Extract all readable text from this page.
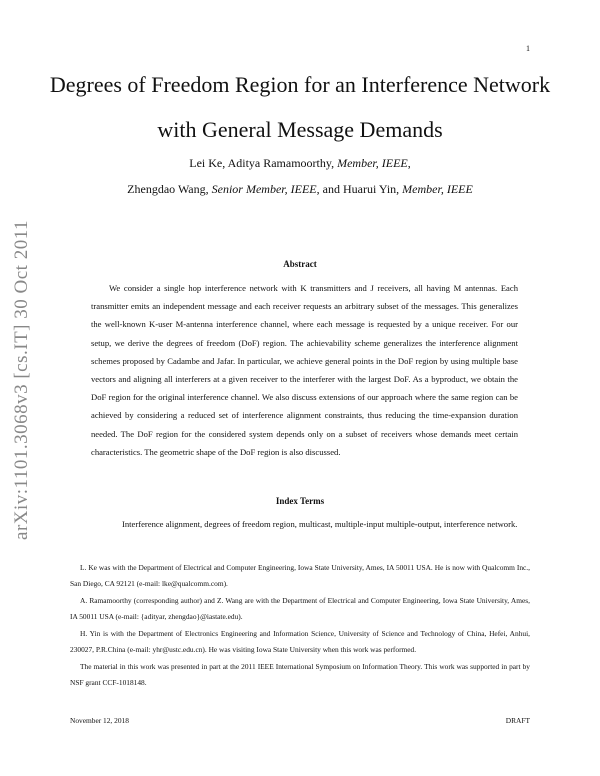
1
Degrees of Freedom Region for an Interference Network with General Message Demands
Lei Ke, Aditya Ramamoorthy, Member, IEEE,
Zhengdao Wang, Senior Member, IEEE, and Huarui Yin, Member, IEEE
arXiv:1101.3068v3 [cs.IT] 30 Oct 2011	Abstract
We consider a single hop interference network with K transmitters and J receivers, all having M antennas. Each transmitter emits an independent message and each receiver requests an arbitrary subset of the messages. This generalizes the well-known K-user M-antenna interference channel, where each message is requested by a unique receiver. For our setup, we derive the degrees of freedom (DoF) region. The achievability scheme generalizes the interference alignment schemes proposed by Cadambe and Jafar. In particular, we achieve general points in the DoF region by using multiple base vectors and aligning all interferers at a given receiver to the interferer with the largest DoF. As a byproduct, we obtain the DoF region for the original interference channel. We also discuss extensions of our approach where the same region can be achieved by considering a reduced set of interference alignment constraints, thus reducing the time-expansion duration needed. The DoF region for the considered system depends only on a subset of receivers whose demands meet certain characteristics. The geometric shape of the DoF region is also discussed.
Index Terms
Interference alignment, degrees of freedom region, multicast, multiple-input multiple-output, interference network.

L. Ke was with the Department of Electrical and Computer Engineering, Iowa State University, Ames, IA 50011 USA. He is now with Qualcomm Inc., San Diego, CA 92121 (e-mail: lke@qualcomm.com).

A. Ramamoorthy (corresponding author) and Z. Wang are with the Department of Electrical and Computer Engineering, Iowa State University, Ames, IA 50011 USA (e-mail: {adityar, zhengdao}@iastate.edu).

H. Yin is with the Department of Electronics Engineering and Information Science, University of Science and Technology of China, Hefei, Anhui, 230027, P.R.China (e-mail: yhr@ustc.edu.cn). He was visiting Iowa State University when this work was performed.

The material in this work was presented in part at the 2011 IEEE International Symposium on Information Theory. This work was supported in part by NSF grant CCF-1018148.

November 12, 2018	DRAFT
